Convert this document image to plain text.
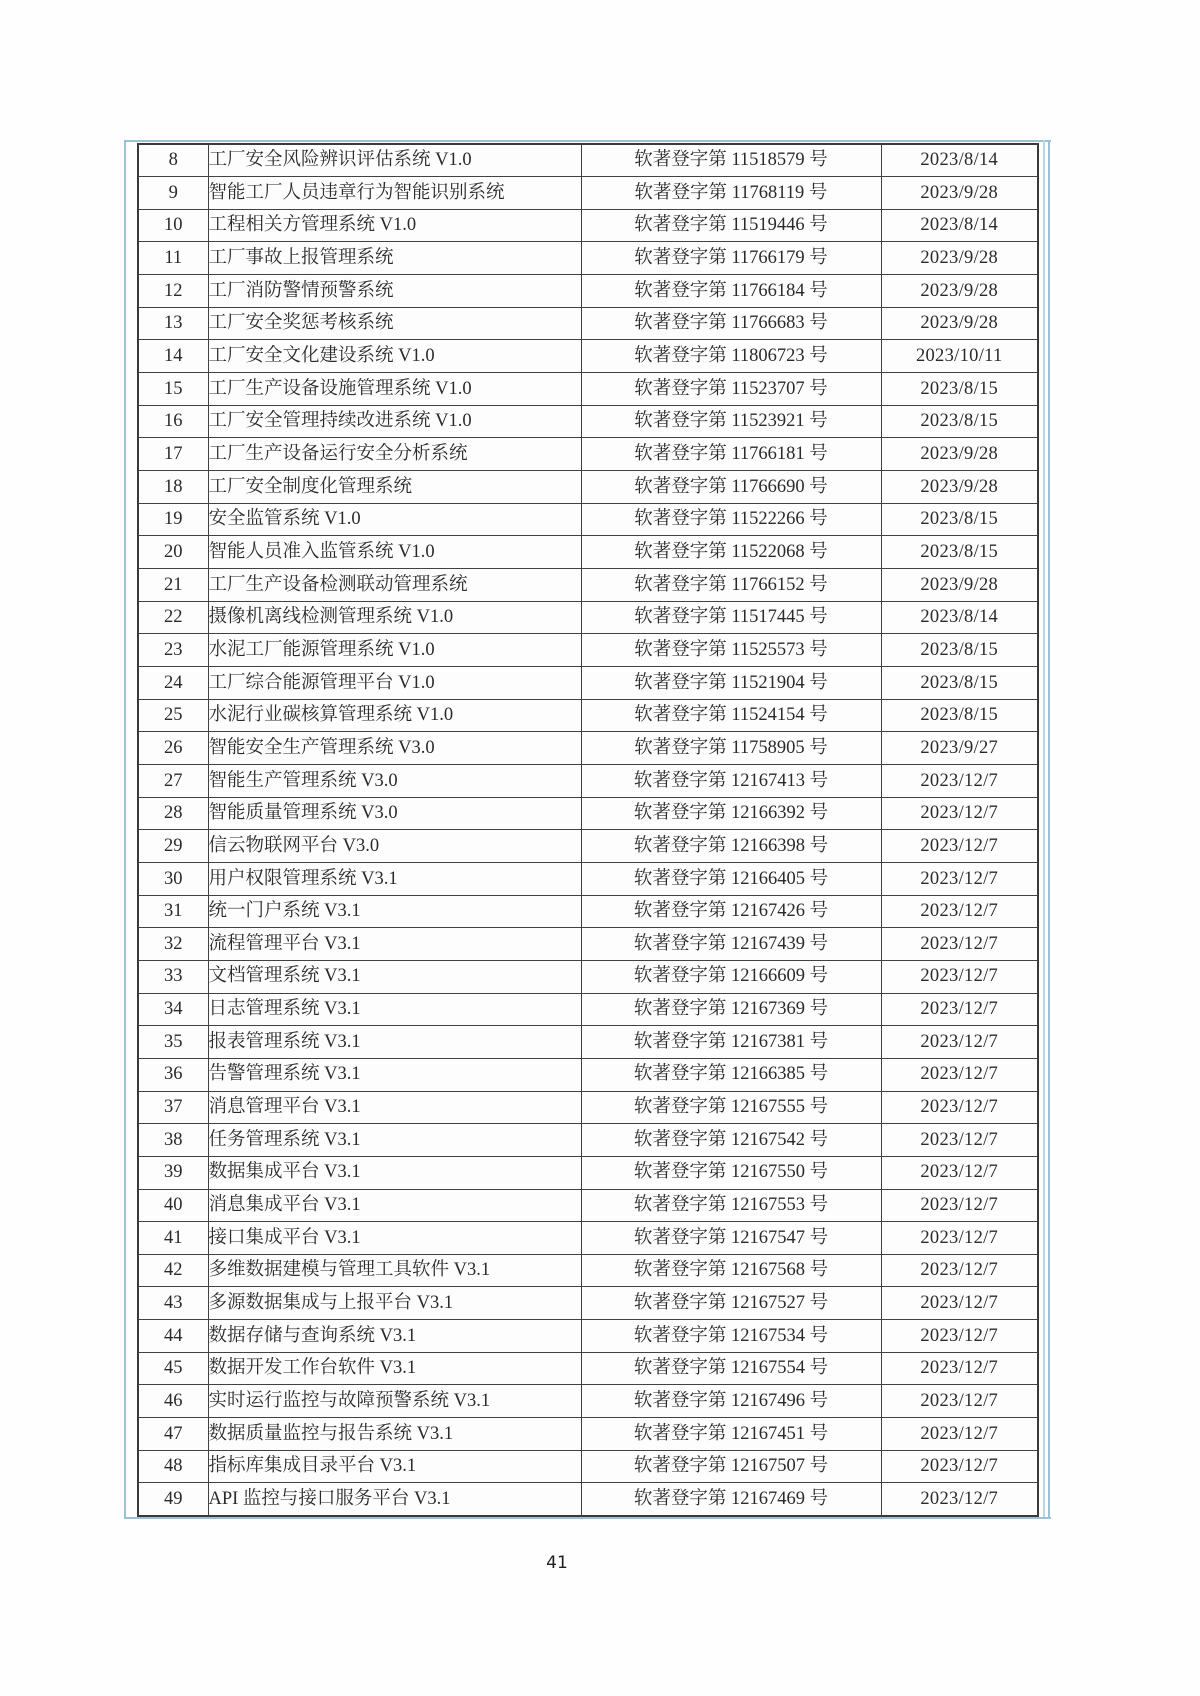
8	工厂安全风险辨识评估系统 V1.0	软著登字第 11518579 号	2023/8/14
9	智能工厂人员违章行为智能识别系统	软著登字第 11768119 号	2023/9/28
10	工程相关方管理系统 V1.0	软著登字第 11519446 号	2023/8/14
11	工厂事故上报管理系统	软著登字第 11766179 号	2023/9/28
12	工厂消防警情预警系统	软著登字第 11766184 号	2023/9/28
13	工厂安全奖惩考核系统	软著登字第 11766683 号	2023/9/28
14	工厂安全文化建设系统 V1.0	软著登字第 11806723 号	2023/10/11
15	工厂生产设备设施管理系统 V1.0	软著登字第 11523707 号	2023/8/15
16	工厂安全管理持续改进系统 V1.0	软著登字第 11523921 号	2023/8/15
17	工厂生产设备运行安全分析系统	软著登字第 11766181 号	2023/9/28
18	工厂安全制度化管理系统	软著登字第 11766690 号	2023/9/28
19	安全监管系统 V1.0	软著登字第 11522266 号	2023/8/15
20	智能人员准入监管系统 V1.0	软著登字第 11522068 号	2023/8/15
21	工厂生产设备检测联动管理系统	软著登字第 11766152 号	2023/9/28
22	摄像机离线检测管理系统 V1.0	软著登字第 11517445 号	2023/8/14
23	水泥工厂能源管理系统 V1.0	软著登字第 11525573 号	2023/8/15
24	工厂综合能源管理平台 V1.0	软著登字第 11521904 号	2023/8/15
25	水泥行业碳核算管理系统 V1.0	软著登字第 11524154 号	2023/8/15
26	智能安全生产管理系统 V3.0	软著登字第 11758905 号	2023/9/27
27	智能生产管理系统 V3.0	软著登字第 12167413 号	2023/12/7
28	智能质量管理系统 V3.0	软著登字第 12166392 号	2023/12/7
29	信云物联网平台 V3.0	软著登字第 12166398 号	2023/12/7
30	用户权限管理系统 V3.1	软著登字第 12166405 号	2023/12/7
31	统一门户系统 V3.1	软著登字第 12167426 号	2023/12/7
32	流程管理平台 V3.1	软著登字第 12167439 号	2023/12/7
33	文档管理系统 V3.1	软著登字第 12166609 号	2023/12/7
34	日志管理系统 V3.1	软著登字第 12167369 号	2023/12/7
35	报表管理系统 V3.1	软著登字第 12167381 号	2023/12/7
36	告警管理系统 V3.1	软著登字第 12166385 号	2023/12/7
37	消息管理平台 V3.1	软著登字第 12167555 号	2023/12/7
38	任务管理系统 V3.1	软著登字第 12167542 号	2023/12/7
39	数据集成平台 V3.1	软著登字第 12167550 号	2023/12/7
40	消息集成平台 V3.1	软著登字第 12167553 号	2023/12/7
41	接口集成平台 V3.1	软著登字第 12167547 号	2023/12/7
42	多维数据建模与管理工具软件 V3.1	软著登字第 12167568 号	2023/12/7
43	多源数据集成与上报平台 V3.1	软著登字第 12167527 号	2023/12/7
44	数据存储与查询系统 V3.1	软著登字第 12167534 号	2023/12/7
45	数据开发工作台软件 V3.1	软著登字第 12167554 号	2023/12/7
46	实时运行监控与故障预警系统 V3.1	软著登字第 12167496 号	2023/12/7
47	数据质量监控与报告系统 V3.1	软著登字第 12167451 号	2023/12/7
48	指标库集成目录平台 V3.1	软著登字第 12167507 号	2023/12/7
49	API 监控与接口服务平台 V3.1	软著登字第 12167469 号	2023/12/7
41
